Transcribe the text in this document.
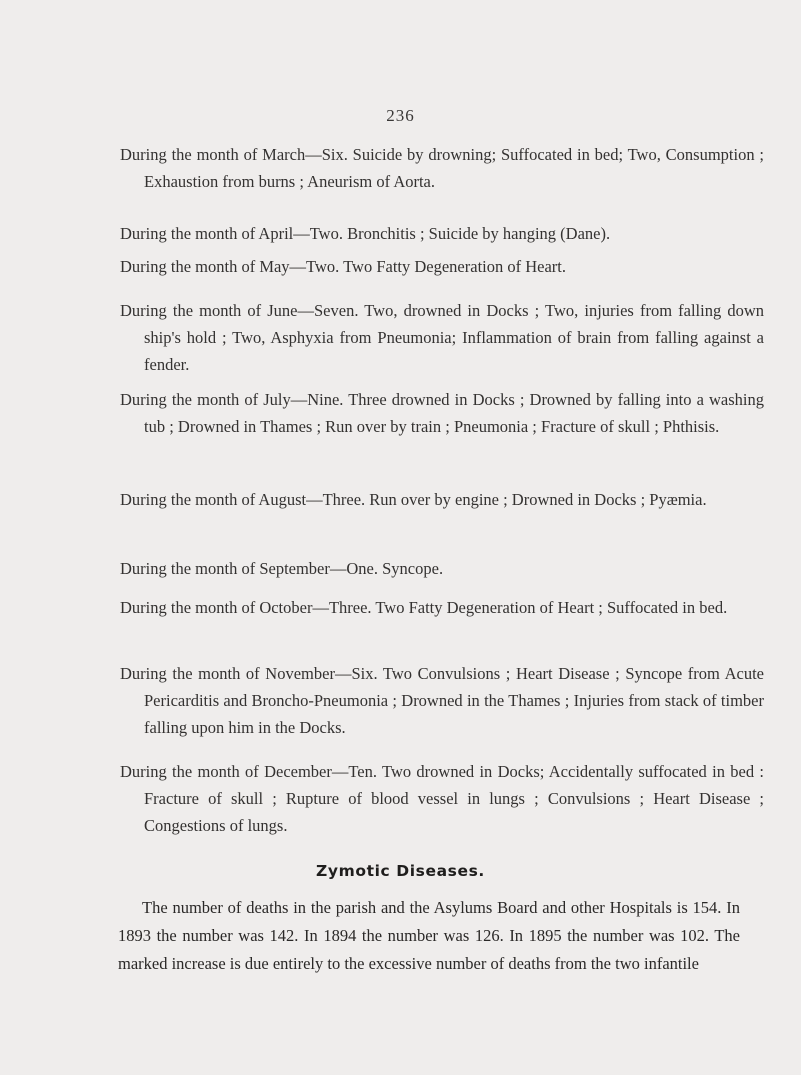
236

During the month of March—Six. Suicide by drowning; Suffocated in bed; Two, Consumption ; Exhaustion from burns ; Aneurism of Aorta.

During the month of April—Two. Bronchitis ; Suicide by hanging (Dane).

During the month of May—Two. Two Fatty Degeneration of Heart.

During the month of June—Seven. Two, drowned in Docks ; Two, injuries from falling down ship's hold ; Two, Asphyxia from Pneumonia; Inflammation of brain from falling against a fender.

During the month of July—Nine. Three drowned in Docks ; Drowned by falling into a washing tub ; Drowned in Thames ; Run over by train ; Pneumonia ; Fracture of skull ; Phthisis.

During the month of August—Three. Run over by engine ; Drowned in Docks ; Pyæmia.

During the month of September—One. Syncope.

During the month of October—Three. Two Fatty Degeneration of Heart ; Suffocated in bed.

During the month of November—Six. Two Convulsions ; Heart Disease ; Syncope from Acute Pericarditis and Broncho-Pneumonia ; Drowned in the Thames ; Injuries from stack of timber falling upon him in the Docks.

During the month of December—Ten. Two drowned in Docks; Accidentally suffocated in bed : Fracture of skull ; Rupture of blood vessel in lungs ; Convulsions ; Heart Disease ; Congestions of lungs.

Zymotic Diseases.

The number of deaths in the parish and the Asylums Board and other Hospitals is 154. In 1893 the number was 142. In 1894 the number was 126. In 1895 the number was 102. The marked increase is due entirely to the excessive number of deaths from the two infantile
